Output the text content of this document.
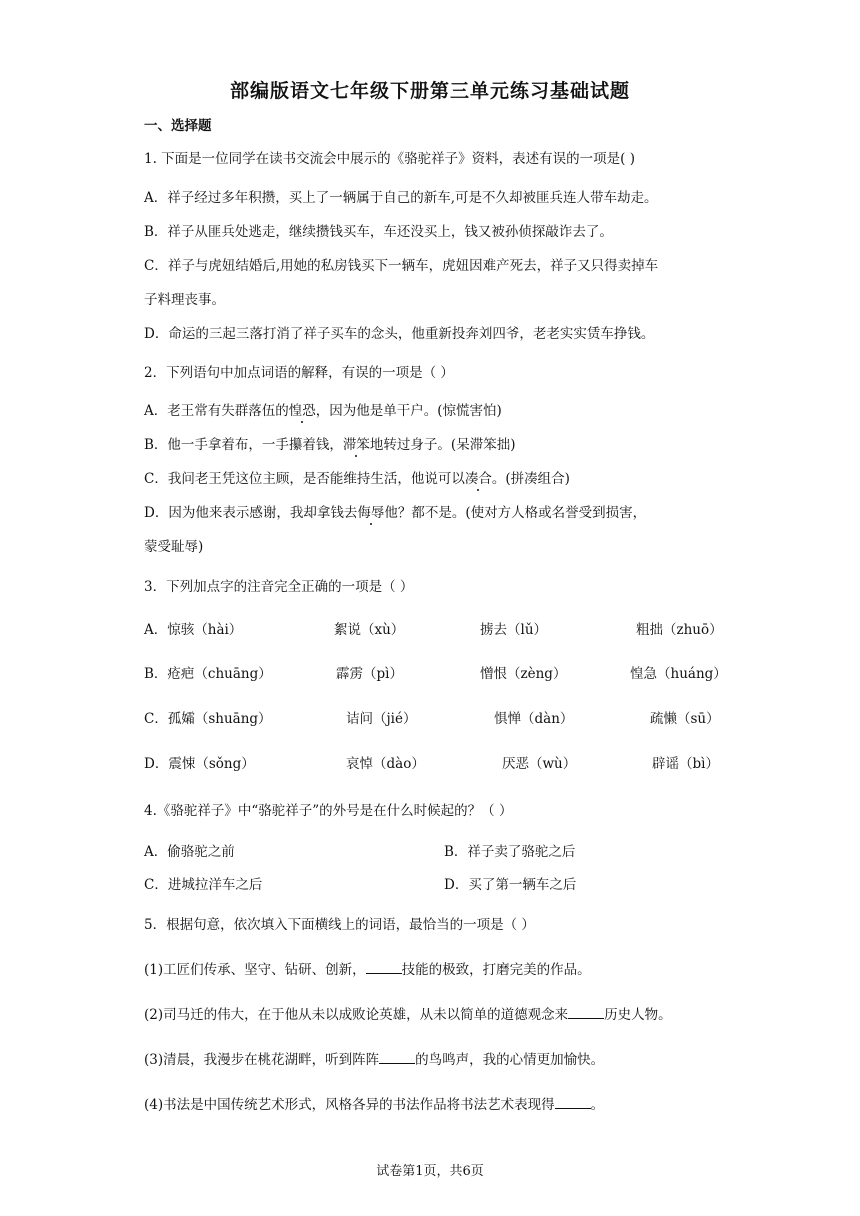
部编版语文七年级下册第三单元练习基础试题
一、选择题
1. 下面是一位同学在读书交流会中展示的《骆驼祥子》资料，表述有误的一项是( )
A．祥子经过多年积攒，买上了一辆属于自己的新车,可是不久却被匪兵连人带车劫走。
B．祥子从匪兵处逃走，继续攒钱买车，车还没买上，钱又被孙侦探敲诈去了。
C．祥子与虎妞结婚后,用她的私房钱买下一辆车，虎妞因难产死去，祥子又只得卖掉车
子料理丧事。
D．命运的三起三落打消了祥子买车的念头，他重新投奔刘四爷，老老实实赁车挣钱。
2．下列语句中加点词语的解释，有误的一项是（ ）
A．老王常有失群落伍的惶恐，因为他是单干户。(惊慌害怕)
B．他一手拿着布，一手攥着钱，滞笨地转过身子。(呆滞笨拙)
C．我问老王凭这位主顾，是否能维持生活，他说可以凑合。(拼凑组合)
D．因为他来表示感谢，我却拿钱去侮辱他？都不是。(使对方人格或名誉受到损害，
蒙受耻辱)
3．下列加点字的注音完全正确的一项是（ ）
A．惊骇（hài）	絮说（xù）	掳去（lǔ）	粗拙（zhuō）
B．疮疤（chuāng）	霹雳（pì）	憎恨（zèng）	惶急（huáng）
C．孤孀（shuāng）	诘问（jié）	惧惮（dàn）	疏懒（sū）
D．震悚（sǒng）	哀悼（dào）	厌恶（wù）	辟谣（bì）
4.《骆驼祥子》中“骆驼祥子”的外号是在什么时候起的？（ ）
A．偷骆驼之前	B．祥子卖了骆驼之后
C．进城拉洋车之后	D．买了第一辆车之后
5．根据句意，依次填入下面横线上的词语，最恰当的一项是（ ）
(1)工匠们传承、坚守、钻研、创新，	技能的极致，打磨完美的作品。
(2)司马迁的伟大，在于他从未以成败论英雄，从未以简单的道德观念来	历史人物。
(3)清晨，我漫步在桃花湖畔，听到阵阵	的鸟鸣声，我的心情更加愉快。
(4)书法是中国传统艺术形式，风格各异的书法作品将书法艺术表现得	。
试卷第1页，共6页
